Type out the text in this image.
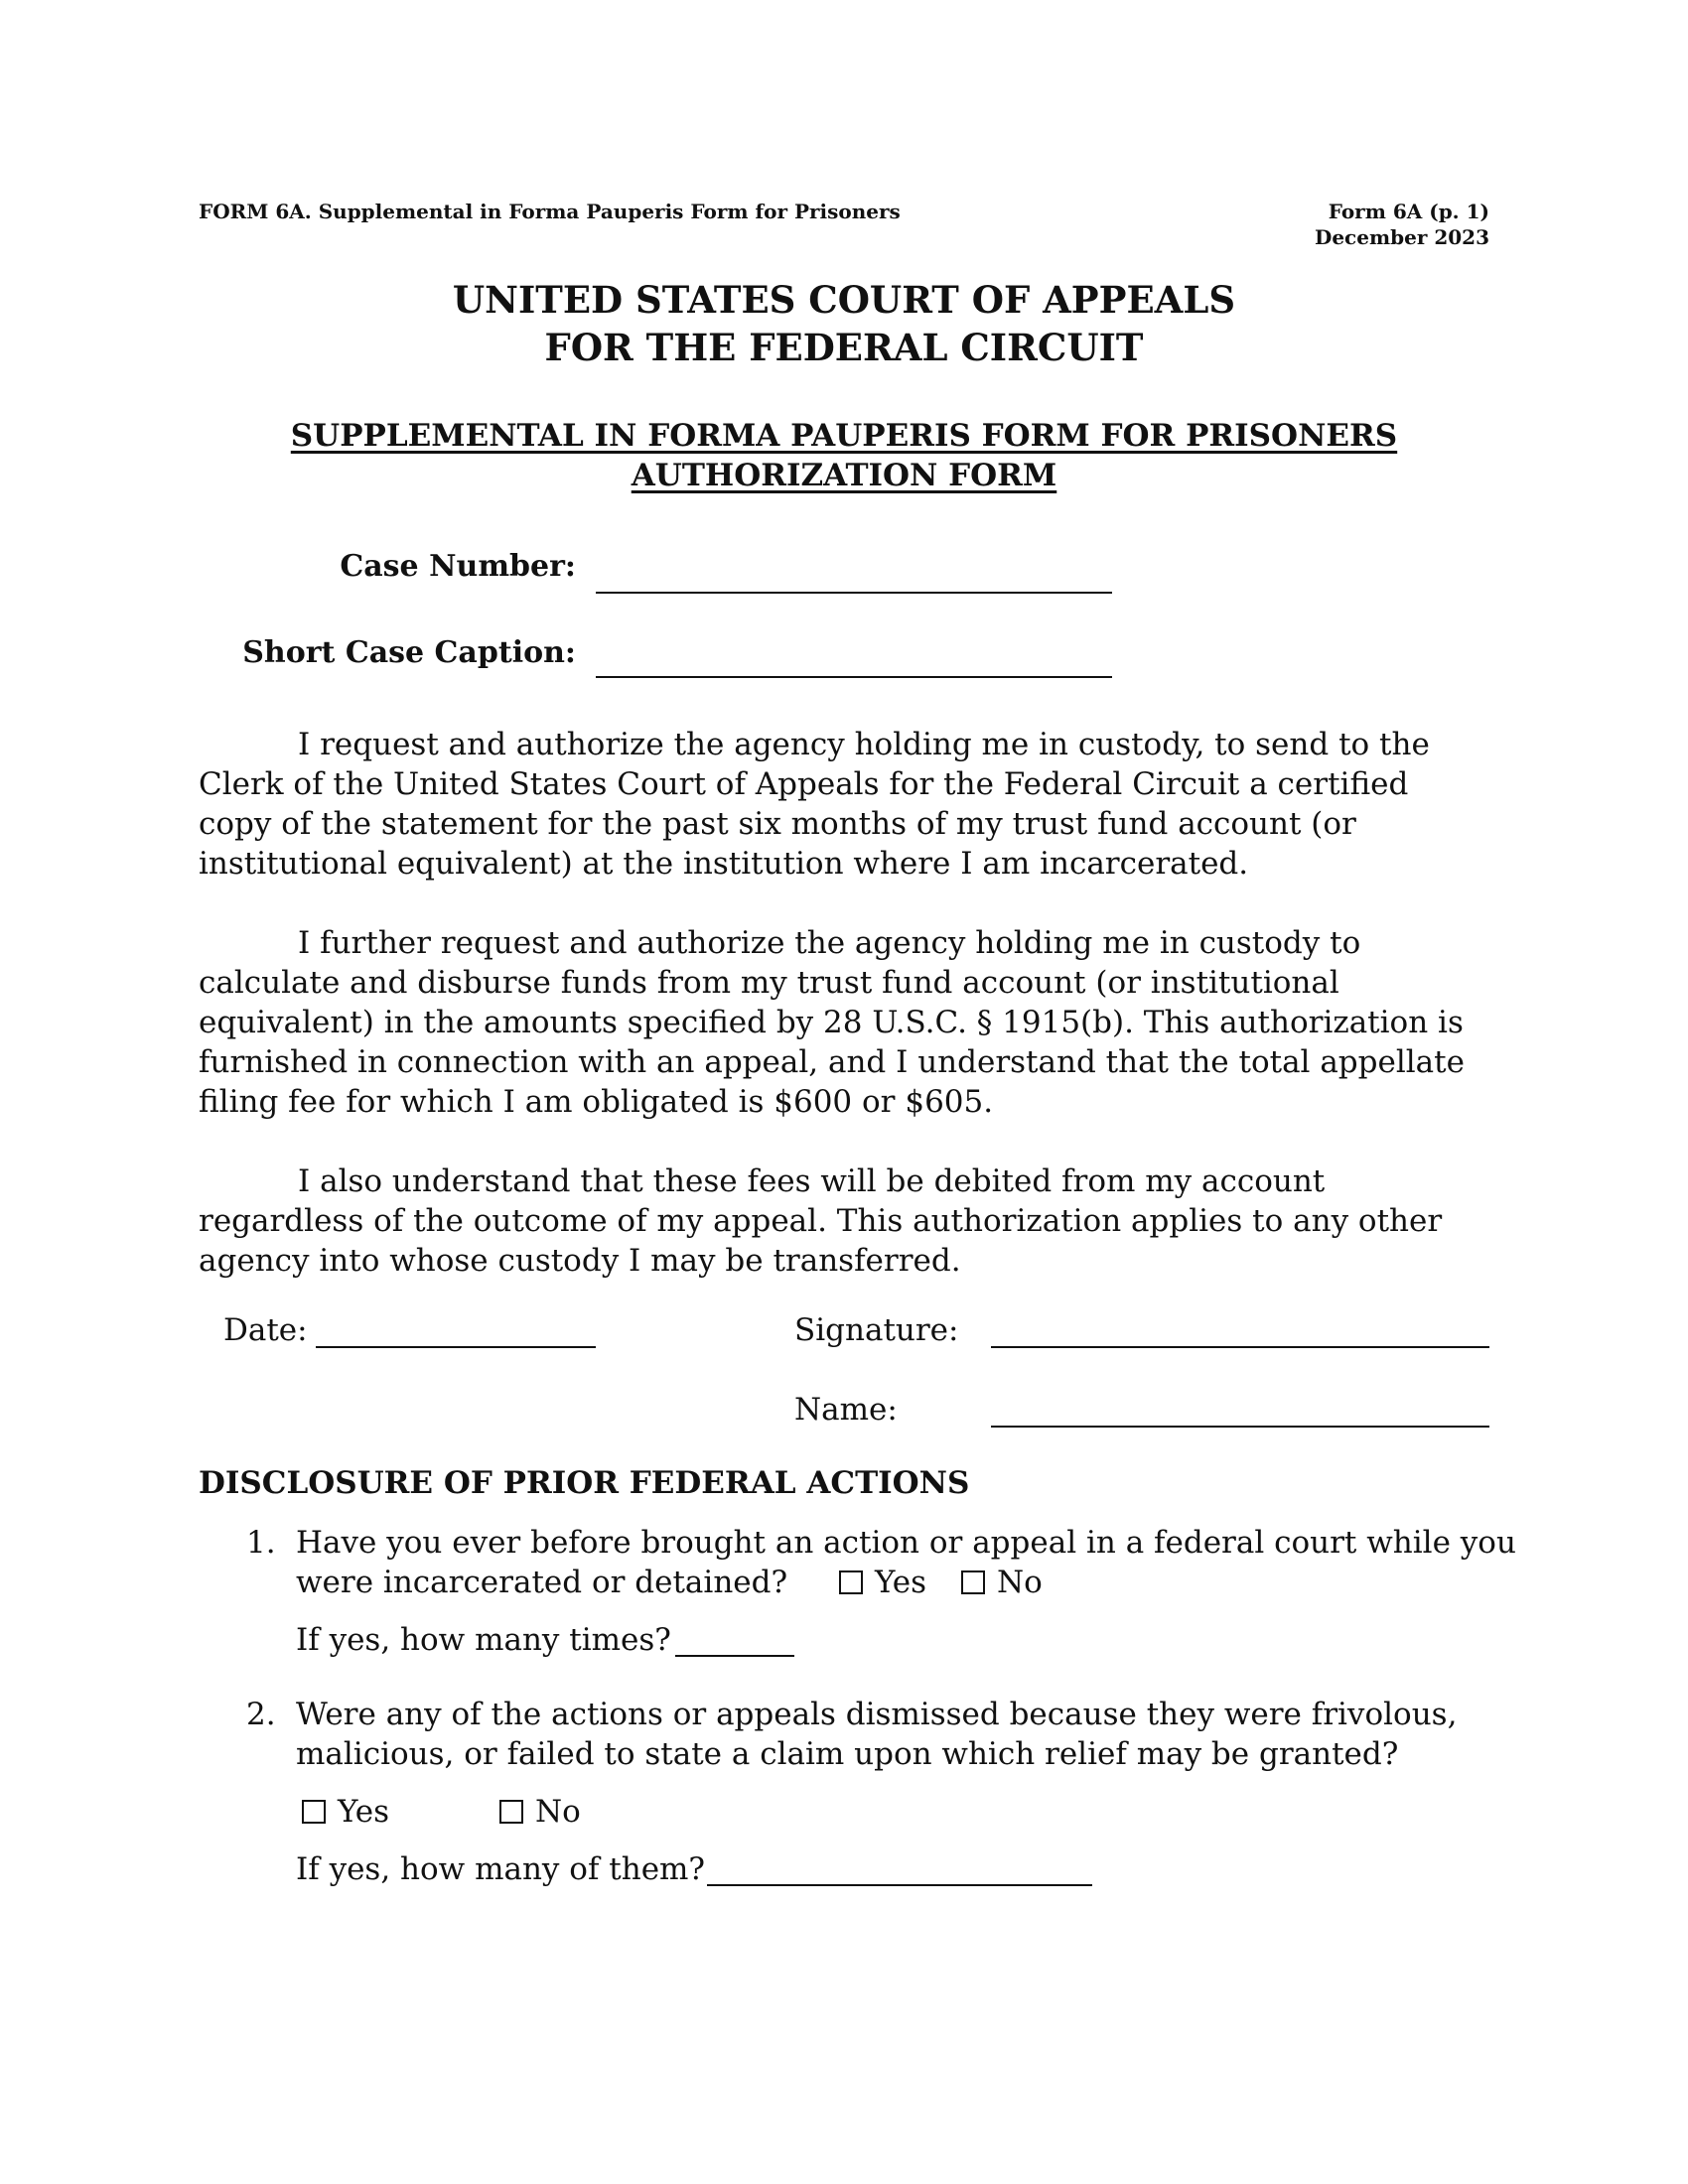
FORM 6A. Supplemental in Forma Pauperis Form for Prisoners	Form 6A (p. 1)
December 2023
UNITED STATES COURT OF APPEALS
FOR THE FEDERAL CIRCUIT
SUPPLEMENTAL IN FORMA PAUPERIS FORM FOR PRISONERS
AUTHORIZATION FORM
Case Number:
Short Case Caption:

I request and authorize the agency holding me in custody, to send to the Clerk of the United States Court of Appeals for the Federal Circuit a certified copy of the statement for the past six months of my trust fund account (or institutional equivalent) at the institution where I am incarcerated.

I further request and authorize the agency holding me in custody to calculate and disburse funds from my trust fund account (or institutional equivalent) in the amounts specified by 28 U.S.C. § 1915(b). This authorization is furnished in connection with an appeal, and I understand that the total appellate filing fee for which I am obligated is $600 or $605.

I also understand that these fees will be debited from my account regardless of the outcome of my appeal. This authorization applies to any other agency into whose custody I may be transferred.

Date:	Signature:
Name:
DISCLOSURE OF PRIOR FEDERAL ACTIONS
1. Have you ever before brought an action or appeal in a federal court while you
were incarcerated or detained?	Yes	No
If yes, how many times?
2. Were any of the actions or appeals dismissed because they were frivolous,
malicious, or failed to state a claim upon which relief may be granted?
Yes	No
If yes, how many of them?
